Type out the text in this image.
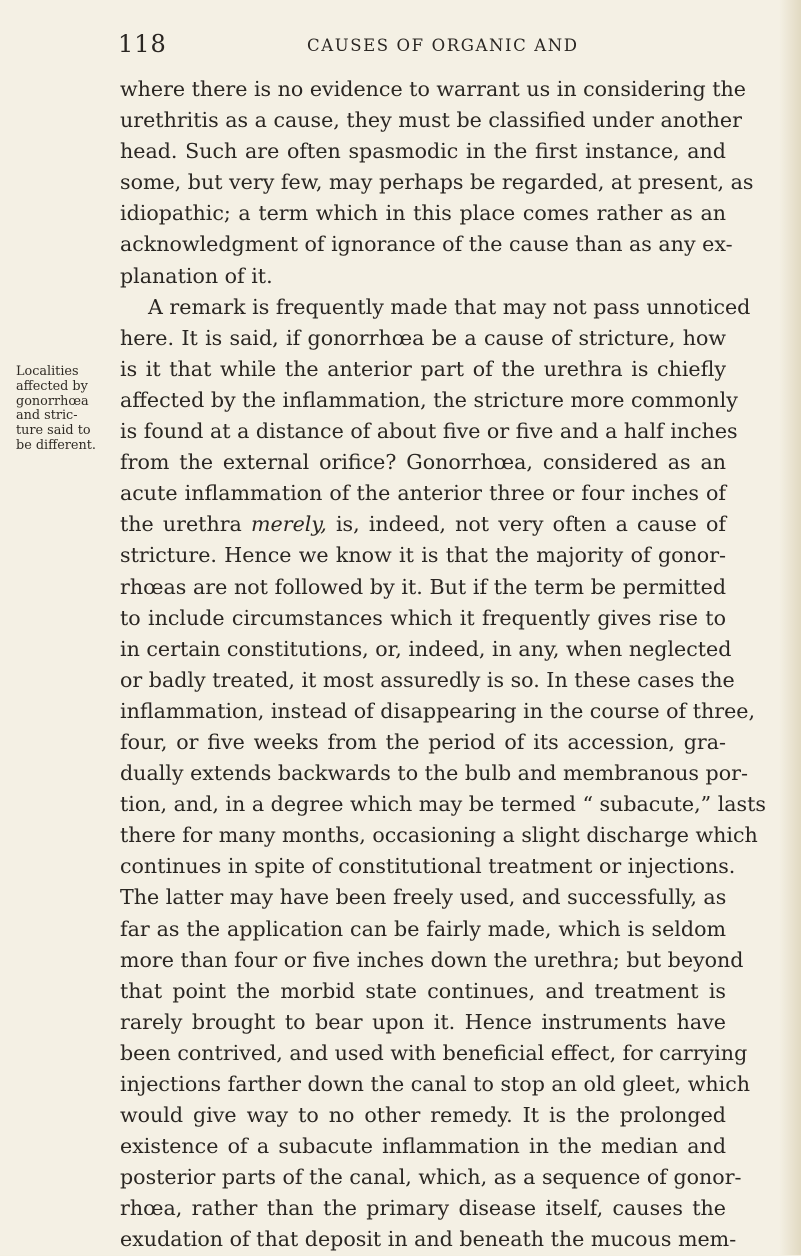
118	CAUSES OF ORGANIC AND
Localities
affected by
gonorrhœa
and stric-
ture said to
be different.
where there is no evidence to warrant us in considering the
urethritis as a cause, they must be classified under another
head. Such are often spasmodic in the first instance, and
some, but very few, may perhaps be regarded, at present, as
idiopathic; a term which in this place comes rather as an
acknowledgment of ignorance of the cause than as any ex-
planation of it.
A remark is frequently made that may not pass unnoticed
here. It is said, if gonorrhœa be a cause of stricture, how
is it that while the anterior part of the urethra is chiefly
affected by the inflammation, the stricture more commonly
is found at a distance of about five or five and a half inches
from the external orifice? Gonorrhœa, considered as an
acute inflammation of the anterior three or four inches of
the urethra merely, is, indeed, not very often a cause of
stricture. Hence we know it is that the majority of gonor-
rhœas are not followed by it. But if the term be permitted
to include circumstances which it frequently gives rise to
in certain constitutions, or, indeed, in any, when neglected
or badly treated, it most assuredly is so. In these cases the
inflammation, instead of disappearing in the course of three,
four, or five weeks from the period of its accession, gra-
dually extends backwards to the bulb and membranous por-
tion, and, in a degree which may be termed “ subacute,” lasts
there for many months, occasioning a slight discharge which
continues in spite of constitutional treatment or injections.
The latter may have been freely used, and successfully, as
far as the application can be fairly made, which is seldom
more than four or five inches down the urethra; but beyond
that point the morbid state continues, and treatment is
rarely brought to bear upon it. Hence instruments have
been contrived, and used with beneficial effect, for carrying
injections farther down the canal to stop an old gleet, which
would give way to no other remedy. It is the prolonged
existence of a subacute inflammation in the median and
posterior parts of the canal, which, as a sequence of gonor-
rhœa, rather than the primary disease itself, causes the
exudation of that deposit in and beneath the mucous mem-
